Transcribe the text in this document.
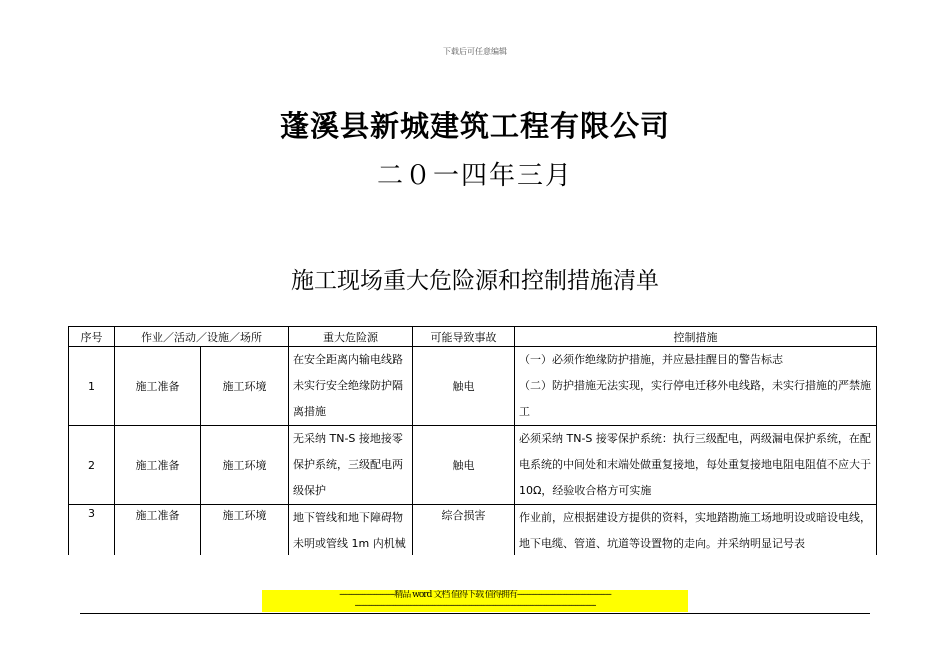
下载后可任意编辑
蓬溪县新城建筑工程有限公司
二０一四年三月
施工现场重大危险源和控制措施清单
序号	作业／活动／设施／场所		重大危险源	可能导致事故	控制措施
1	施工准备	施工环境	在安全距离内输电线路未实行安全绝缘防护隔离措施	触电	（一）必须作绝缘防护措施，并应悬挂醒目的警告标志
（二）防护措施无法实现，实行停电迁移外电线路，未实行措施的严禁施工
2	施工准备	施工环境	无采纳 TN-S 接地接零保护系统，三级配电两级保护	触电	必须采纳 TN-S 接零保护系统：执行三级配电，两级漏电保护系统，在配电系统的中间处和末端处做重复接地，每处重复接地电阻电阻值不应大于 10Ω，经验收合格方可实施
3	施工准备	施工环境	地下管线和地下障碍物未明或管线 1m 内机械	综合损害	作业前，应根据建设方提供的资料，实地踏勘施工场地明设或暗设电线，地下电缆、管道、坑道等设置物的走向。并采纳明显记号表
---------------------------精品 word 文档 值得下载 值得拥有----------------------------------------------
----------------------------------------------------------------------------------------------------------------------
